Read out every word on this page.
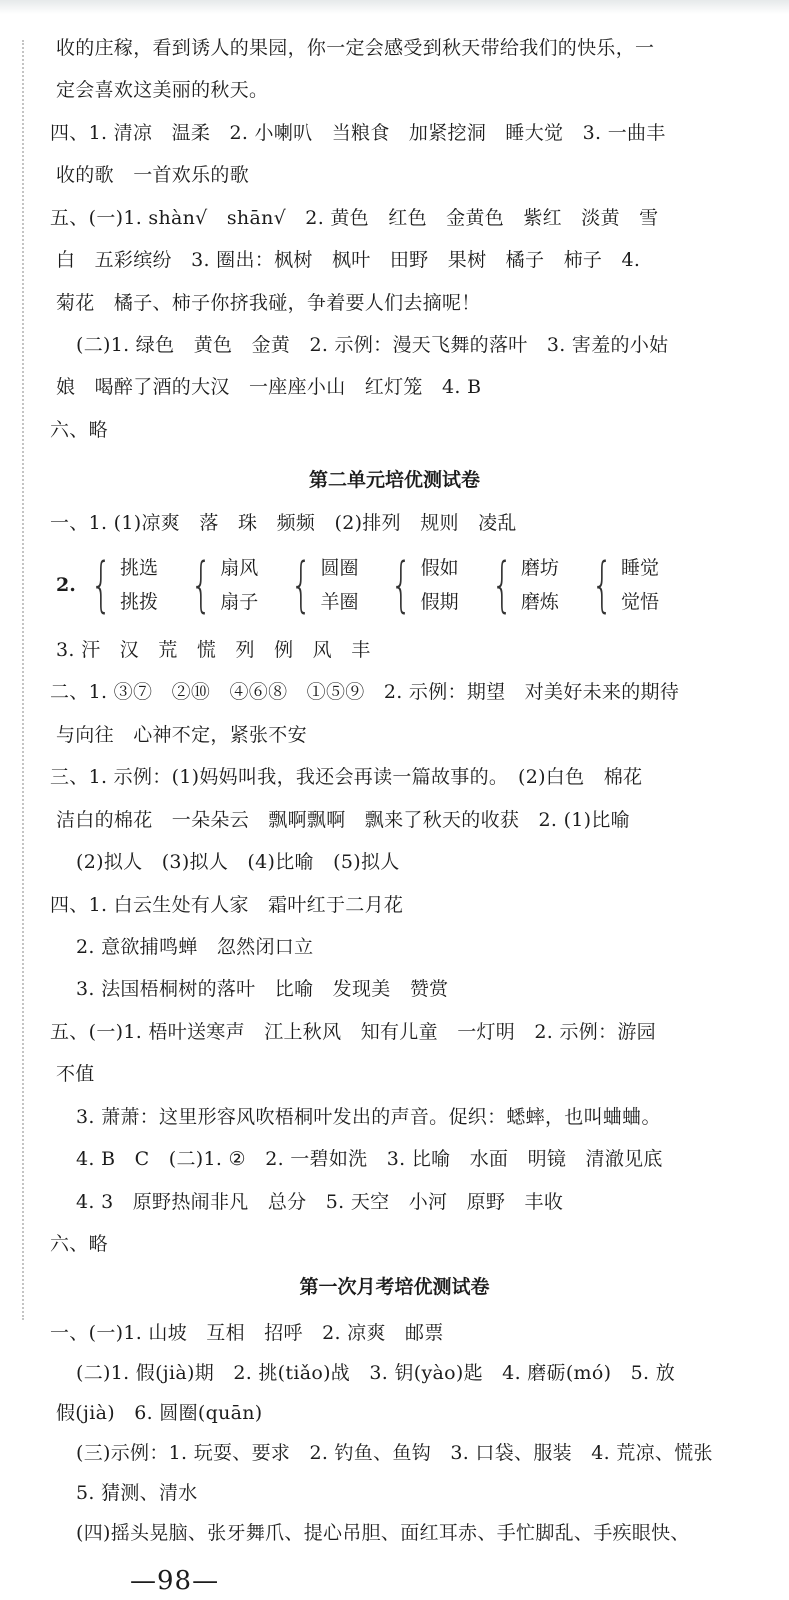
收的庄稼，看到诱人的果园，你一定会感受到秋天带给我们的快乐，一
定会喜欢这美丽的秋天。
四、1. 清凉　温柔　2. 小喇叭　当粮食　加紧挖洞　睡大觉　3. 一曲丰
收的歌　一首欢乐的歌
五、(一)1. shàn√　shān√　2. 黄色　红色　金黄色　紫红　淡黄　雪
白　五彩缤纷　3. 圈出：枫树　枫叶　田野　果树　橘子　柿子　4.
菊花　橘子、柿子你挤我碰，争着要人们去摘呢！
(二)1. 绿色　黄色　金黄　2. 示例：漫天飞舞的落叶　3. 害羞的小姑
娘　喝醉了酒的大汉　一座座小山　红灯笼　4. B
六、略
第二单元培优测试卷
一、1. (1)凉爽　落　珠　频频　(2)排列　规则　凌乱
2. { 挑选
挑拨 { 扇风
扇子 { 圆圈
羊圈 { 假如
假期 { 磨坊
磨炼 { 睡觉
觉悟
3. 汗　汉　荒　慌　列　例　风　丰
二、1. ③⑦　②⑩　④⑥⑧　①⑤⑨　2. 示例：期望　对美好未来的期待
与向往　心神不定，紧张不安
三、1. 示例：(1)妈妈叫我，我还会再读一篇故事的。　(2)白色　棉花
洁白的棉花　一朵朵云　飘啊飘啊　飘来了秋天的收获　2. (1)比喻
(2)拟人　(3)拟人　(4)比喻　(5)拟人
四、1. 白云生处有人家　霜叶红于二月花
2. 意欲捕鸣蝉　忽然闭口立
3. 法国梧桐树的落叶　比喻　发现美　赞赏
五、(一)1. 梧叶送寒声　江上秋风　知有儿童　一灯明　2. 示例：游园
不值
3. 萧萧：这里形容风吹梧桐叶发出的声音。促织：蟋蟀，也叫蛐蛐。
4. B　C　(二)1. ②　2. 一碧如洗　3. 比喻　水面　明镜　清澈见底
4. 3　原野热闹非凡　总分　5. 天空　小河　原野　丰收
六、略
第一次月考培优测试卷
一、(一)1. 山坡　互相　招呼　2. 凉爽　邮票
(二)1. 假(jià)期　2. 挑(tiǎo)战　3. 钥(yào)匙　4. 磨砺(mó)　5. 放
假(jià)　6. 圆圈(quān)
(三)示例：1. 玩耍、要求　2. 钓鱼、鱼钩　3. 口袋、服装　4. 荒凉、慌张
5. 猜测、清水
(四)摇头晃脑、张牙舞爪、提心吊胆、面红耳赤、手忙脚乱、手疾眼快、
—98—
